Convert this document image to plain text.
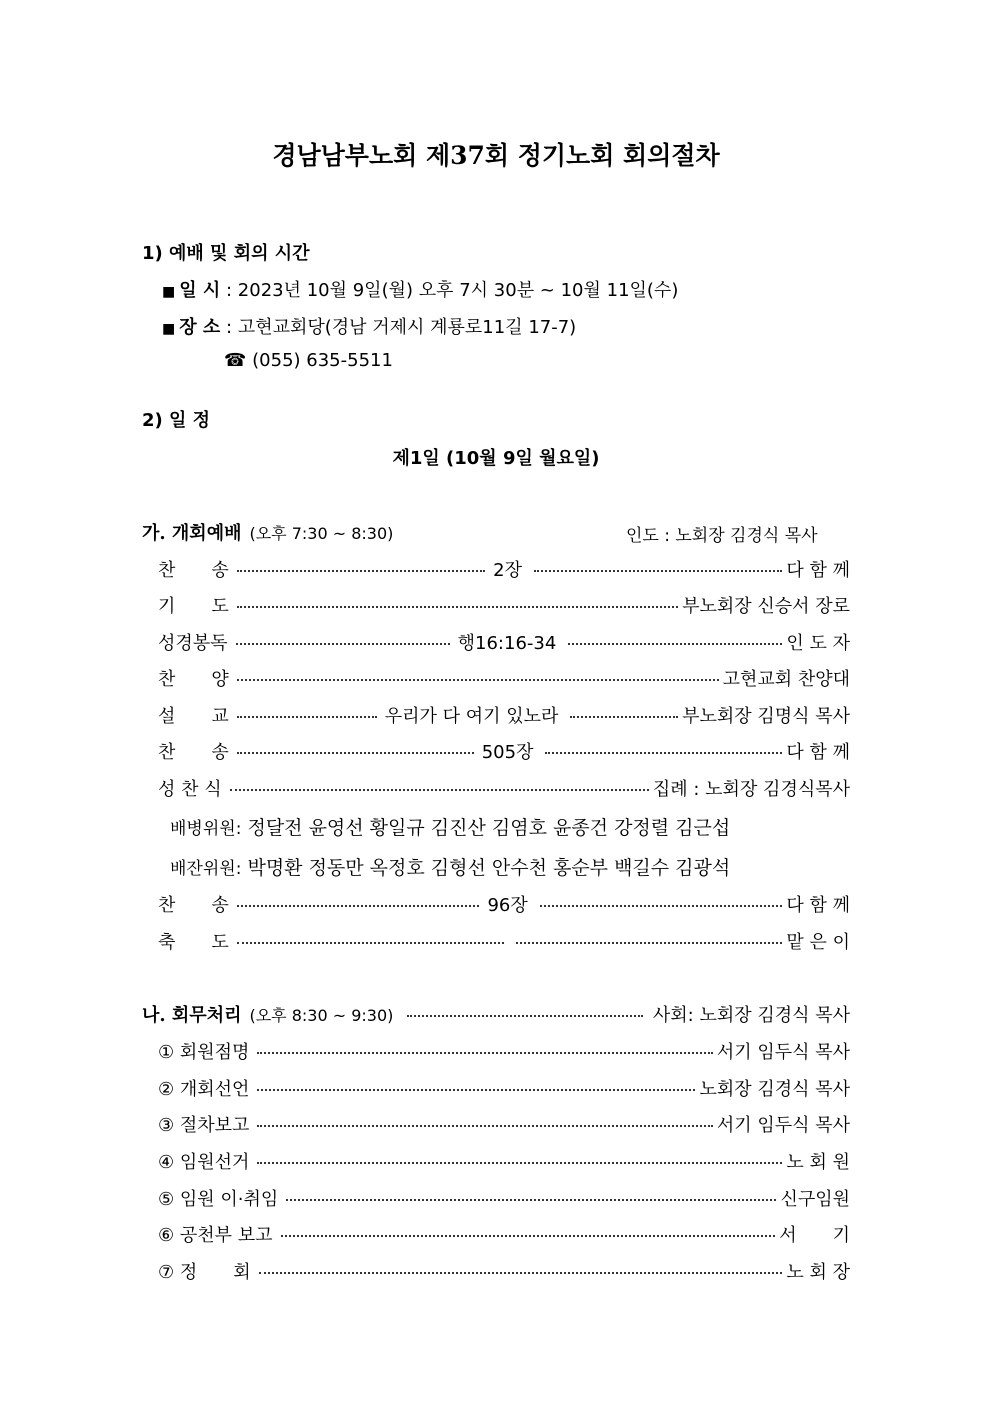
경남남부노회 제37회 정기노회 회의절차
1) 예배 및 회의 시간
■ 일 시 : 2023년 10월 9일(월) 오후 7시 30분 ~ 10월 11일(수)
■ 장 소 : 고현교회당(경남 거제시 계룡로11길 17-7)
☎ (055) 635-5511
2) 일 정
제1일 (10월 9일 월요일)
가. 개회예배 (오후 7:30 ~ 8:30)	인도 : 노회장 김경식 목사
찬　　송	2장	다 함 께
기　　도	부노회장 신승서 장로
성경봉독	행16:16-34	인 도 자
찬　　양	고현교회 찬양대
설　　교	우리가 다 여기 있노라	부노회장 김명식 목사
찬　　송	505장	다 함 께
성 찬 식	집례 : 노회장 김경식목사
배병위원: 정달전 윤영선 황일규 김진산 김염호 윤종건 강정렬 김근섭
배잔위원: 박명환 정동만 옥정호 김형선 안수천 홍순부 백길수 김광석
찬　　송	96장	다 함 께
축　　도	맡 은 이
나. 회무처리 (오후 8:30 ~ 9:30)	사회: 노회장 김경식 목사
① 회원점명	서기 임두식 목사
② 개회선언	노회장 김경식 목사
③ 절차보고	서기 임두식 목사
④ 임원선거	노 회 원
⑤ 임원 이·취임	신구임원
⑥ 공천부 보고	서　　기
⑦ 정　　회	노 회 장
